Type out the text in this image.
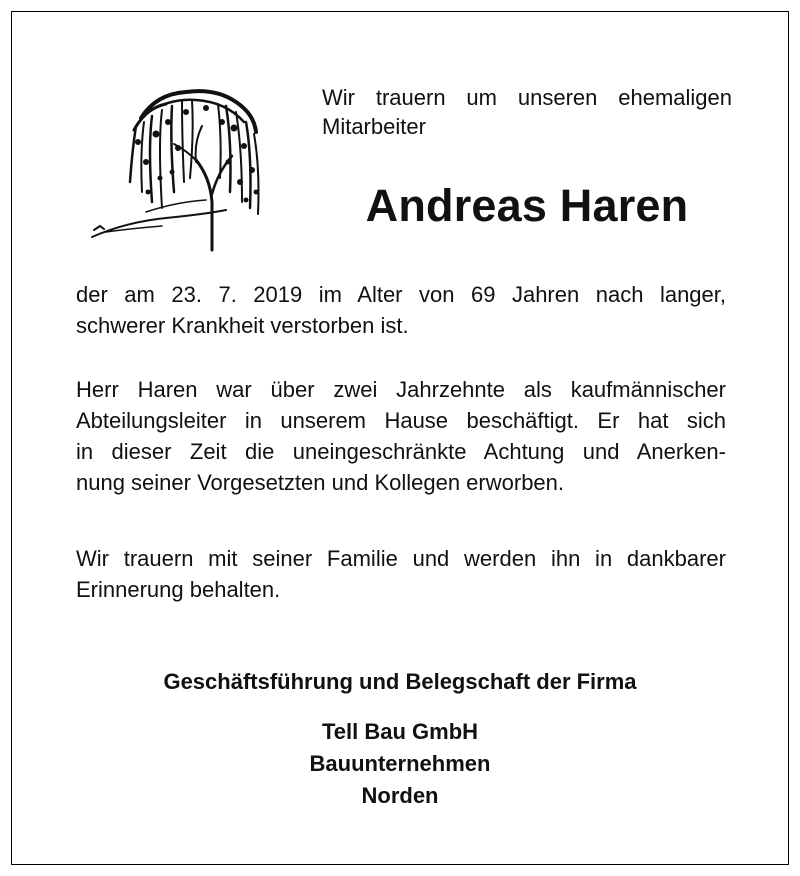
Wir trauern um unseren ehemaligen
Mitarbeiter
Andreas Haren
der am 23. 7. 2019 im Alter von 69 Jahren nach langer,
schwerer Krankheit verstorben ist.
Herr Haren war über zwei Jahrzehnte als kaufmännischer
Abteilungsleiter in unserem Hause beschäftigt. Er hat sich
in dieser Zeit die uneingeschränkte Achtung und Anerken-
nung seiner Vorgesetzten und Kollegen erworben.
Wir trauern mit seiner Familie und werden ihn in dankbarer
Erinnerung behalten.
Geschäftsführung und Belegschaft der Firma
Tell Bau GmbH
Bauunternehmen
Norden
